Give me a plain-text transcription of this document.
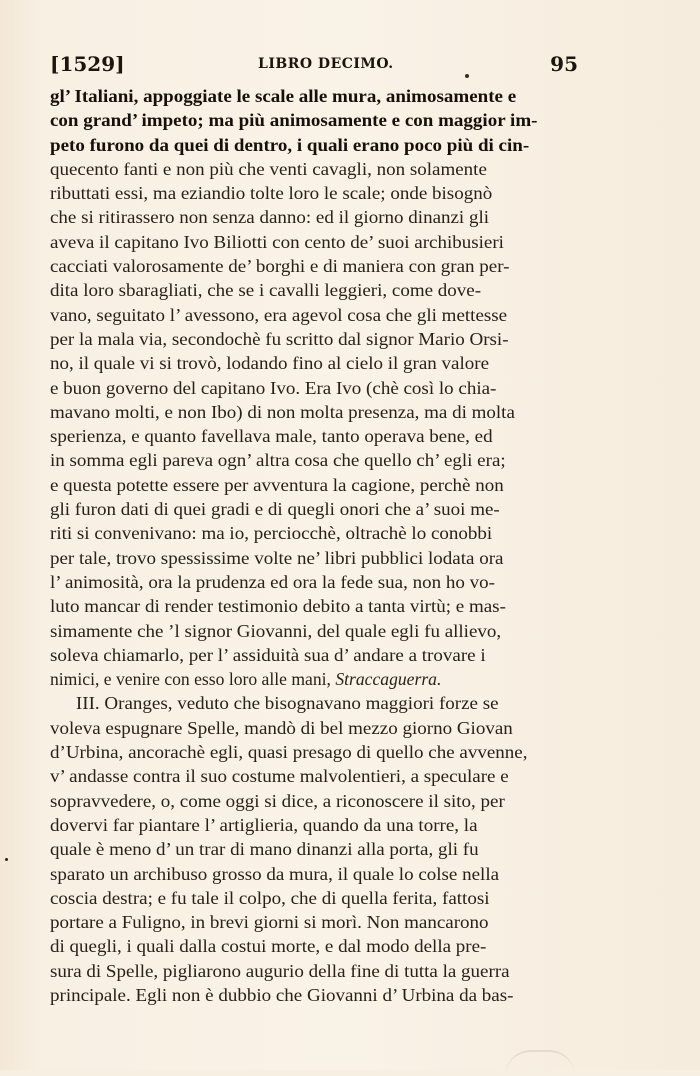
[1529]	LIBRO DECIMO.	95
gl’ Italiani, appoggiate le scale alle mura, animosamente e
con grand’ impeto; ma più animosamente e con maggior im-
peto furono da quei di dentro, i quali erano poco più di cin-
quecento fanti e non più che venti cavagli, non solamente
ributtati essi, ma eziandio tolte loro le scale; onde bisognò
che si ritirassero non senza danno: ed il giorno dinanzi gli
aveva il capitano Ivo Biliotti con cento de’ suoi archibusieri
cacciati valorosamente de’ borghi e di maniera con gran per-
dita loro sbaragliati, che se i cavalli leggieri, come dove-
vano, seguitato l’ avessono, era agevol cosa che gli mettesse
per la mala via, secondochè fu scritto dal signor Mario Orsi-
no, il quale vi si trovò, lodando fino al cielo il gran valore
e buon governo del capitano Ivo. Era Ivo (chè così lo chia-
mavano molti, e non Ibo) di non molta presenza, ma di molta
sperienza, e quanto favellava male, tanto operava bene, ed
in somma egli pareva ogn’ altra cosa che quello ch’ egli era;
e questa potette essere per avventura la cagione, perchè non
gli furon dati di quei gradi e di quegli onori che a’ suoi me-
riti si convenivano: ma io, perciocchè, oltrachè lo conobbi
per tale, trovo spessissime volte ne’ libri pubblici lodata ora
l’ animosità, ora la prudenza ed ora la fede sua, non ho vo-
luto mancar di render testimonio debito a tanta virtù; e mas-
simamente che ’l signor Giovanni, del quale egli fu allievo,
soleva chiamarlo, per l’ assiduità sua d’ andare a trovare i
nimici, e venire con esso loro alle mani, Straccaguerra.
III. Oranges, veduto che bisognavano maggiori forze se
voleva espugnare Spelle, mandò di bel mezzo giorno Giovan
d’Urbina, ancorachè egli, quasi presago di quello che avvenne,
v’ andasse contra il suo costume malvolentieri, a speculare e
sopravvedere, o, come oggi si dice, a riconoscere il sito, per
dovervi far piantare l’ artiglieria, quando da una torre, la
quale è meno d’ un trar di mano dinanzi alla porta, gli fu
sparato un archibuso grosso da mura, il quale lo colse nella
coscia destra; e fu tale il colpo, che di quella ferita, fattosi
portare a Fuligno, in brevi giorni si morì. Non mancarono
di quegli, i quali dalla costui morte, e dal modo della pre-
sura di Spelle, pigliarono augurio della fine di tutta la guerra
principale. Egli non è dubbio che Giovanni d’ Urbina da bas-
